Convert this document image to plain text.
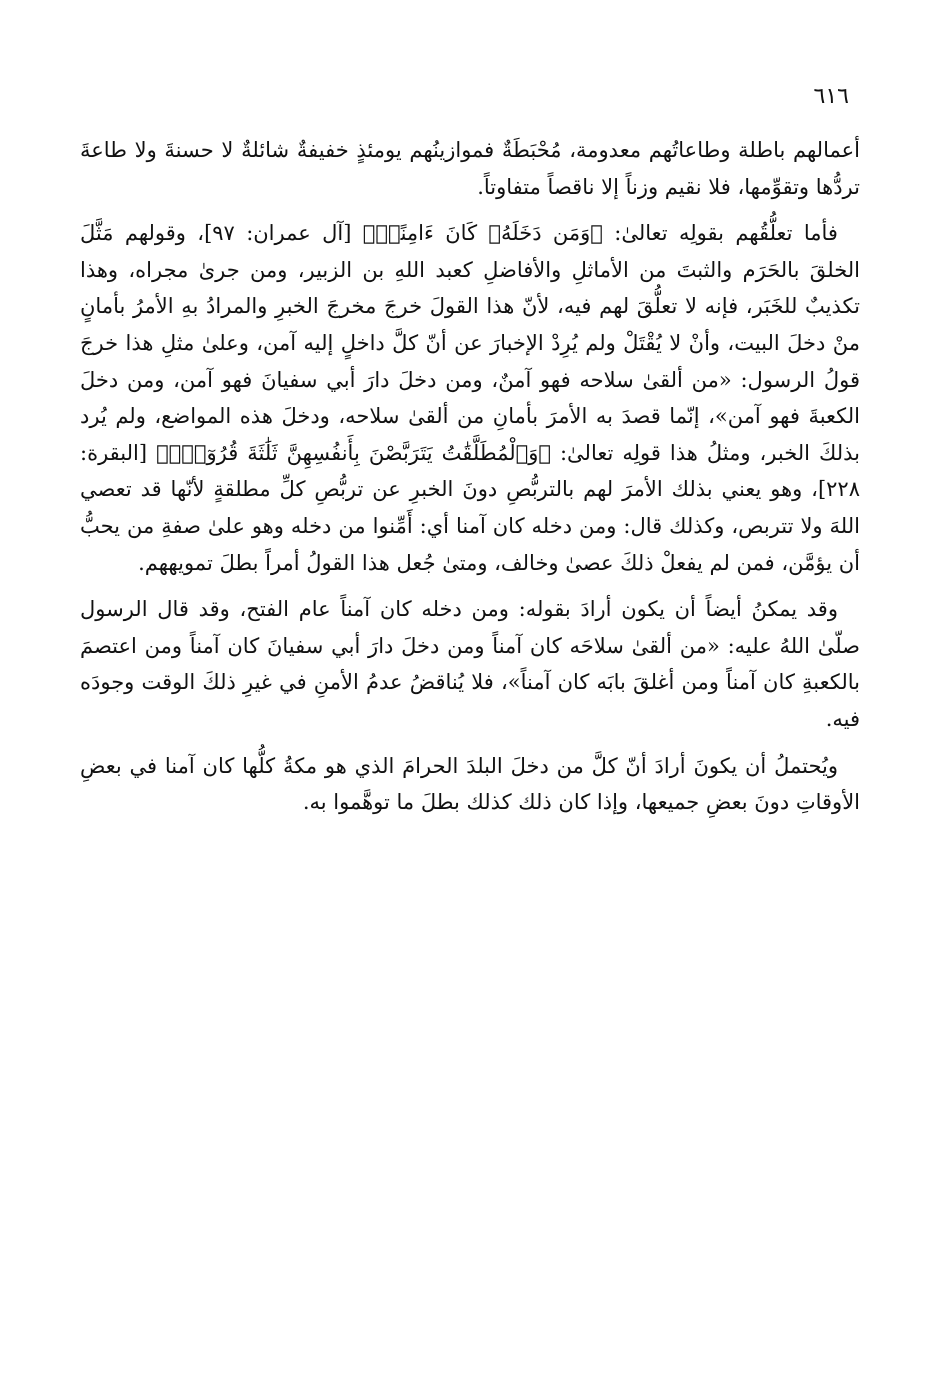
٦١٦

أعمالهم باطلة وطاعاتُهم معدومة، مُحْبَطَةٌ فموازينُهم يومئذٍ خفيفةٌ شائلةٌ لا حسنةَ ولا طاعةَ تردُّها وتقوِّمها، فلا نقيم وزناً إلا ناقصاً متفاوتاً.

فأما تعلُّقُهم بقولِه تعالىٰ: ﴿وَمَن دَخَلَهُۥ كَانَ ءَامِنًاۗ﴾ [آل عمران: ٩٧]، وقولهم مَثَّلَ الخلقَ بالحَرَم والثبتَ من الأماثلِ والأفاضلِ كعبد اللهِ بن الزبير، ومن جرىٰ مجراه، وهذا تكذيبٌ للخَبَر، فإنه لا تعلُّقَ لهم فيه، لأنّ هذا القولَ خرجَ مخرجَ الخبرِ والمرادُ بهِ الأمرُ بأمانٍ منْ دخلَ البيت، وأنْ لا يُقْتَلْ ولم يُرِدْ الإخبارَ عن أنّ كلَّ داخلٍ إليه آمن، وعلىٰ مثلِ هذا خرجَ قولُ الرسول: «من ألقىٰ سلاحه فهو آمنٌ، ومن دخلَ دارَ أبي سفيانَ فهو آمن، ومن دخلَ الكعبةَ فهو آمن»، إنّما قصدَ به الأمرَ بأمانِ من ألقىٰ سلاحه، ودخلَ هذه المواضع، ولم يُرد بذلكَ الخبر، ومثلُ هذا قولِه تعالىٰ: ﴿وَٱلْمُطَلَّقَٰتُ يَتَرَبَّصْنَ بِأَنفُسِهِنَّ ثَلَٰثَةَ قُرُوٓءٍۚ﴾ [البقرة: ٢٢٨]، وهو يعني بذلك الأمرَ لهم بالتربُّصِ دونَ الخبرِ عن تربُّصِ كلِّ مطلقةٍ لأنّها قد تعصي اللهَ ولا تتربص، وكذلك قال: ومن دخله كان آمنا أي: أَمِّنوا من دخله وهو علىٰ صفةِ من يحبُّ أن يؤمَّن، فمن لم يفعلْ ذلكَ عصىٰ وخالف، ومتىٰ جُعل هذا القولُ أمراً بطلَ تمويههم.

وقد يمكنُ أيضاً أن يكون أرادَ بقوله: ومن دخله كان آمناً عام الفتح، وقد قال الرسول صلّىٰ اللهُ عليه: «من ألقىٰ سلاحَه كان آمناً ومن دخلَ دارَ أبي سفيانَ كان آمناً ومن اعتصمَ بالكعبةِ كان آمناً ومن أغلقَ بابَه كان آمناً»، فلا يُناقضُ عدمُ الأمنِ في غيرِ ذلكَ الوقت وجودَه فيه.

ويُحتملُ أن يكونَ أرادَ أنّ كلَّ من دخلَ البلدَ الحرامَ الذي هو مكةُ كلُّها كان آمنا في بعضِ الأوقاتِ دونَ بعضِ جميعها، وإذا كان ذلك كذلك بطلَ ما توهَّموا به.
